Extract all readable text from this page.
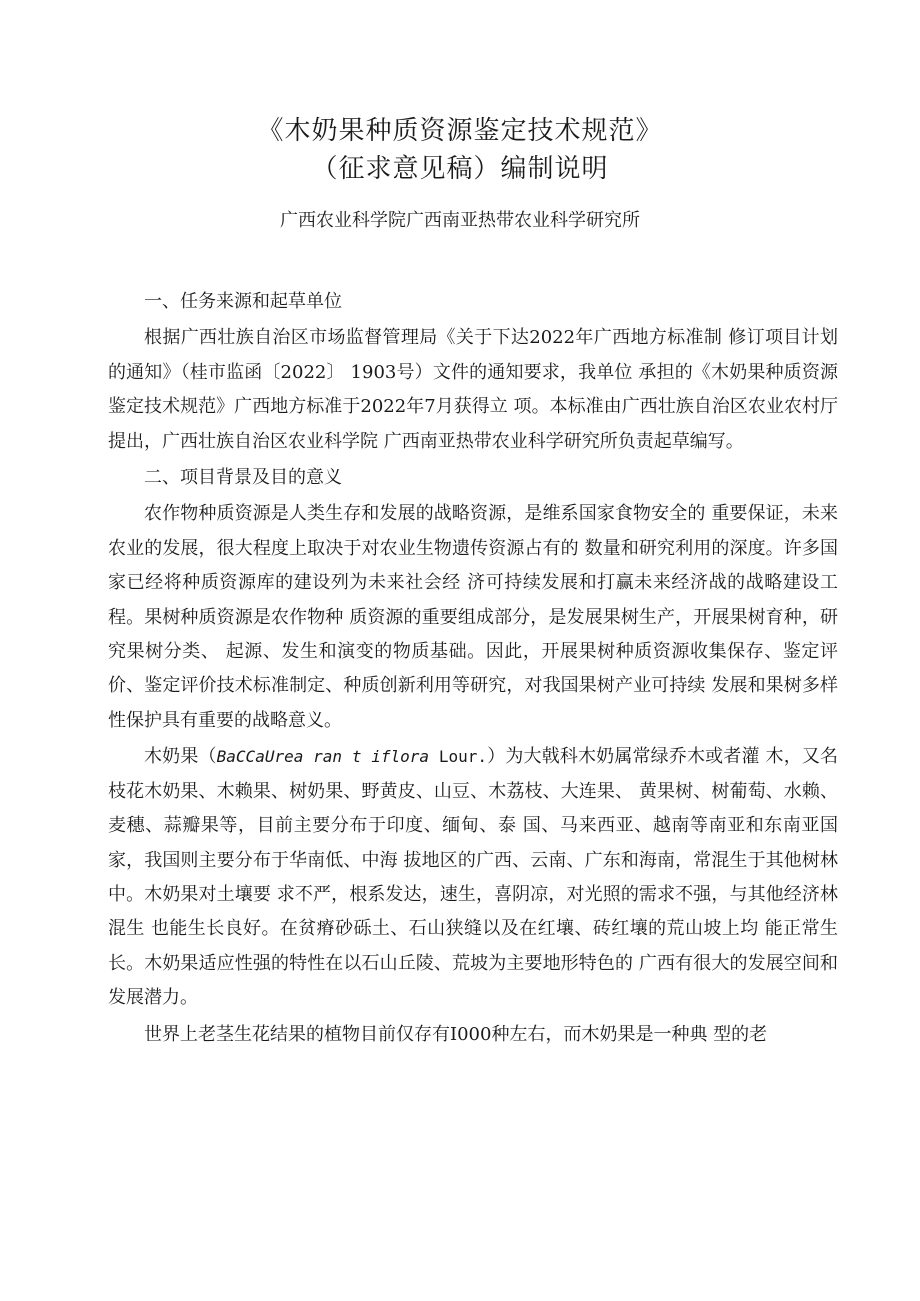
《木奶果种质资源鉴定技术规范》
（征求意见稿）编制说明
广西农业科学院广西南亚热带农业科学研究所

一、任务来源和起草单位

根据广西壮族自治区市场监督管理局《关于下达2022年广西地方标准制 修订项目计划的通知》（桂市监函〔2022〕 1903号）文件的通知要求，我单位 承担的《木奶果种质资源鉴定技术规范》广西地方标准于2022年7月获得立 项。本标准由广西壮族自治区农业农村厅提出，广西壮族自治区农业科学院 广西南亚热带农业科学研究所负责起草编写。

二、项目背景及目的意义

农作物种质资源是人类生存和发展的战略资源，是维系国家食物安全的 重要保证，未来农业的发展，很大程度上取决于对农业生物遗传资源占有的 数量和研究利用的深度。许多国家已经将种质资源库的建设列为未来社会经 济可持续发展和打赢未来经济战的战略建设工程。果树种质资源是农作物种 质资源的重要组成部分，是发展果树生产，开展果树育种，研究果树分类、 起源、发生和演变的物质基础。因此，开展果树种质资源收集保存、鉴定评 价、鉴定评价技术标准制定、种质创新利用等研究，对我国果树产业可持续 发展和果树多样性保护具有重要的战略意义。

木奶果（BaCCaUrea ran t iflora Lour.）为大戟科木奶属常绿乔木或者灌 木，又名枝花木奶果、木赖果、树奶果、野黄皮、山豆、木荔枝、大连果、 黄果树、树葡萄、水赖、麦穗、蒜瓣果等，目前主要分布于印度、缅甸、泰 国、马来西亚、越南等南亚和东南亚国家，我国则主要分布于华南低、中海 拔地区的广西、云南、广东和海南，常混生于其他树林中。木奶果对土壤要 求不严，根系发达，速生，喜阴凉，对光照的需求不强，与其他经济林混生 也能生长良好。在贫瘠砂砾土、石山狭缝以及在红壤、砖红壤的荒山坡上均 能正常生长。木奶果适应性强的特性在以石山丘陵、荒坡为主要地形特色的 广西有很大的发展空间和发展潜力。

世界上老茎生花结果的植物目前仅存有I000种左右，而木奶果是一种典 型的老
